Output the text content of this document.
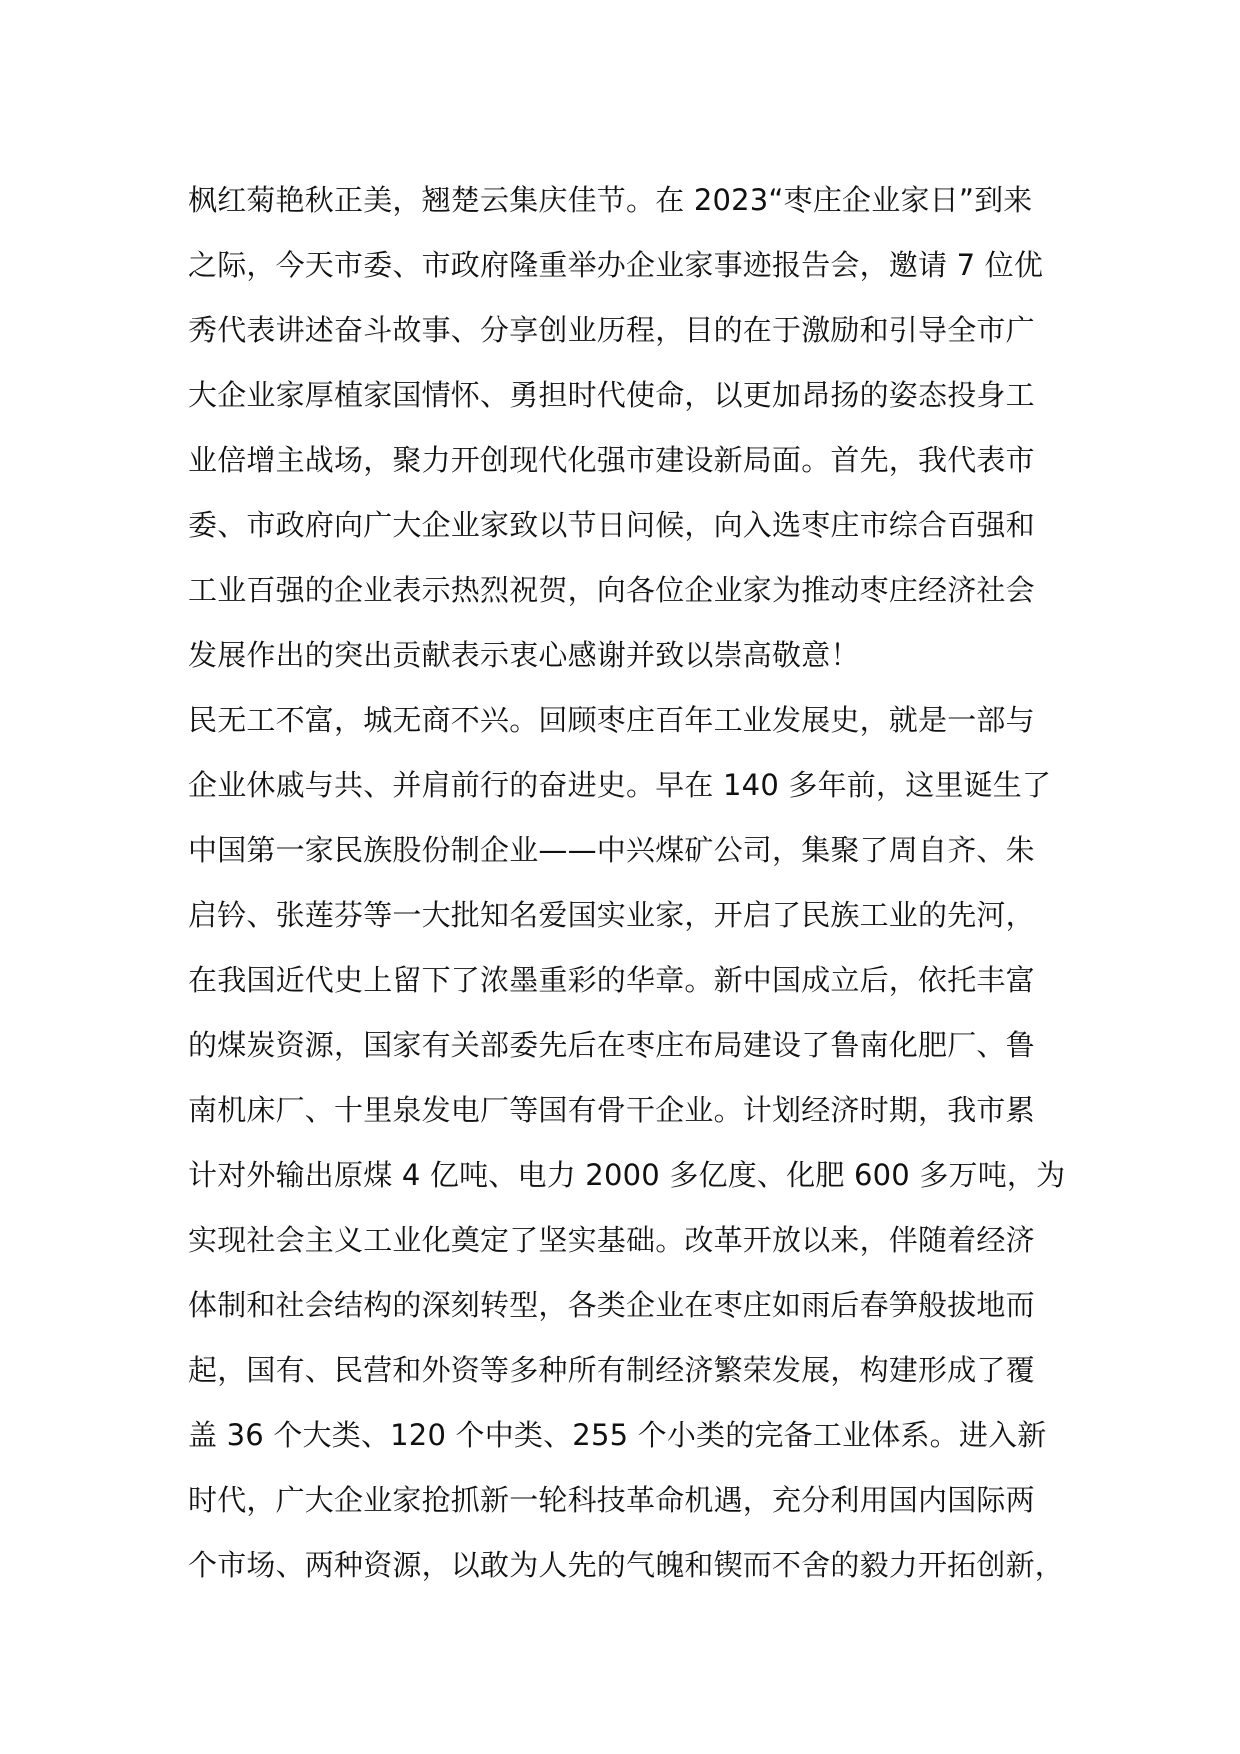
枫红菊艳秋正美，翘楚云集庆佳节。在 2023“枣庄企业家日”到来
之际，今天市委、市政府隆重举办企业家事迹报告会，邀请 7 位优
秀代表讲述奋斗故事、分享创业历程，目的在于激励和引导全市广
大企业家厚植家国情怀、勇担时代使命，以更加昂扬的姿态投身工
业倍增主战场，聚力开创现代化强市建设新局面。首先，我代表市
委、市政府向广大企业家致以节日问候，向入选枣庄市综合百强和
工业百强的企业表示热烈祝贺，向各位企业家为推动枣庄经济社会
发展作出的突出贡献表示衷心感谢并致以崇高敬意！
民无工不富，城无商不兴。回顾枣庄百年工业发展史，就是一部与
企业休戚与共、并肩前行的奋进史。早在 140 多年前，这里诞生了
中国第一家民族股份制企业——中兴煤矿公司，集聚了周自齐、朱
启钤、张莲芬等一大批知名爱国实业家，开启了民族工业的先河，
在我国近代史上留下了浓墨重彩的华章。新中国成立后，依托丰富
的煤炭资源，国家有关部委先后在枣庄布局建设了鲁南化肥厂、鲁
南机床厂、十里泉发电厂等国有骨干企业。计划经济时期，我市累
计对外输出原煤 4 亿吨、电力 2000 多亿度、化肥 600 多万吨，为
实现社会主义工业化奠定了坚实基础。改革开放以来，伴随着经济
体制和社会结构的深刻转型，各类企业在枣庄如雨后春笋般拔地而
起，国有、民营和外资等多种所有制经济繁荣发展，构建形成了覆
盖 36 个大类、120 个中类、255 个小类的完备工业体系。进入新
时代，广大企业家抢抓新一轮科技革命机遇，充分利用国内国际两
个市场、两种资源，以敢为人先的气魄和锲而不舍的毅力开拓创新，
